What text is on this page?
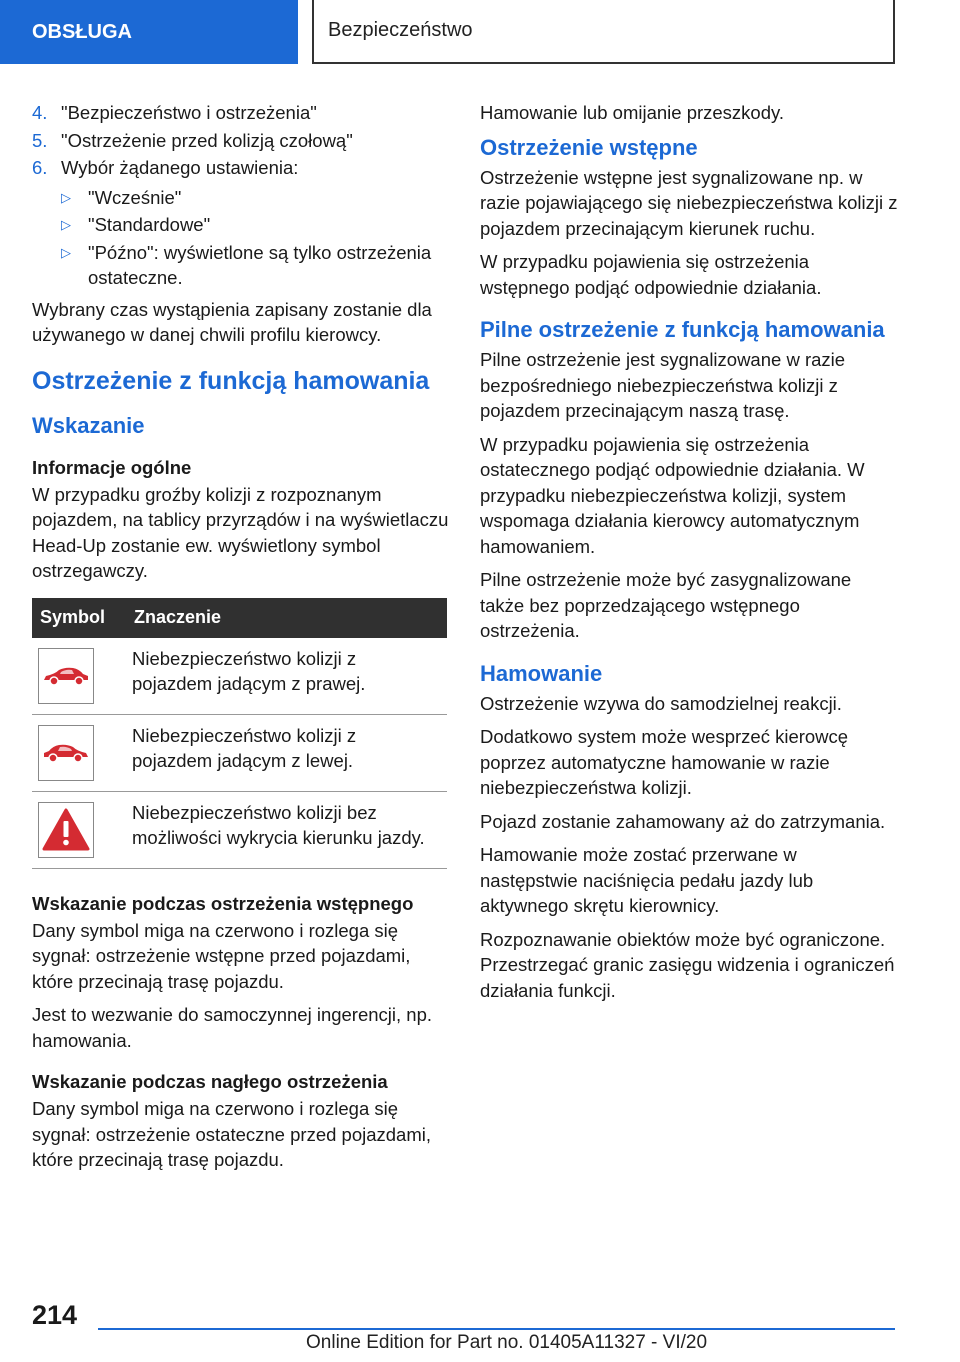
OBSŁUGA	Bezpieczeństwo
4. "Bezpieczeństwo i ostrzeżenia"
5. "Ostrzeżenie przed kolizją czołową"
6. Wybór żądanego ustawienia:
▷ "Wcześnie"
▷ "Standardowe"
▷ "Późno": wyświetlone są tylko ostrzeżenia ostateczne.

Wybrany czas wystąpienia zapisany zostanie dla używanego w danej chwili profilu kierowcy.

Ostrzeżenie z funkcją hamowania
Wskazanie
Informacje ogólne

W przypadku groźby kolizji z rozpoznanym pojazdem, na tablicy przyrządów i na wyświetlaczu Head-Up zostanie ew. wyświetlony symbol ostrzegawczy.

Symbol	Znaczenie

	Niebezpieczeństwo kolizji z pojazdem jadącym z prawej.

	Niebezpieczeństwo kolizji z pojazdem jadącym z lewej.

	Niebezpieczeństwo kolizji bez możliwości wykrycia kierunku jazdy.
Wskazanie podczas ostrzeżenia wstępnego

Dany symbol miga na czerwono i rozlega się sygnał: ostrzeżenie wstępne przed pojazdami, które przecinają trasę pojazdu.

Jest to wezwanie do samoczynnej ingerencji, np. hamowania.

Wskazanie podczas nagłego ostrzeżenia

Dany symbol miga na czerwono i rozlega się sygnał: ostrzeżenie ostateczne przed pojazdami, które przecinają trasę pojazdu.

Hamowanie lub omijanie przeszkody.

Ostrzeżenie wstępne

Ostrzeżenie wstępne jest sygnalizowane np. w razie pojawiającego się niebezpieczeństwa kolizji z pojazdem przecinającym kierunek ruchu.

W przypadku pojawienia się ostrzeżenia wstępnego podjąć odpowiednie działania.

Pilne ostrzeżenie z funkcją hamowania

Pilne ostrzeżenie jest sygnalizowane w razie bezpośredniego niebezpieczeństwa kolizji z pojazdem przecinającym naszą trasę.

W przypadku pojawienia się ostrzeżenia ostatecznego podjąć odpowiednie działania. W przypadku niebezpieczeństwa kolizji, system wspomaga działania kierowcy automatycznym hamowaniem.

Pilne ostrzeżenie może być zasygnalizowane także bez poprzedzającego wstępnego ostrzeżenia.

Hamowanie

Ostrzeżenie wzywa do samodzielnej reakcji.

Dodatkowo system może wesprzeć kierowcę poprzez automatyczne hamowanie w razie niebezpieczeństwa kolizji.

Pojazd zostanie zahamowany aż do zatrzymania.

Hamowanie może zostać przerwane w następstwie naciśnięcia pedału jazdy lub aktywnego skrętu kierownicy.

Rozpoznawanie obiektów może być ograniczone. Przestrzegać granic zasięgu widzenia i ograniczeń działania funkcji.

214
Online Edition for Part no. 01405A11327 - VI/20
